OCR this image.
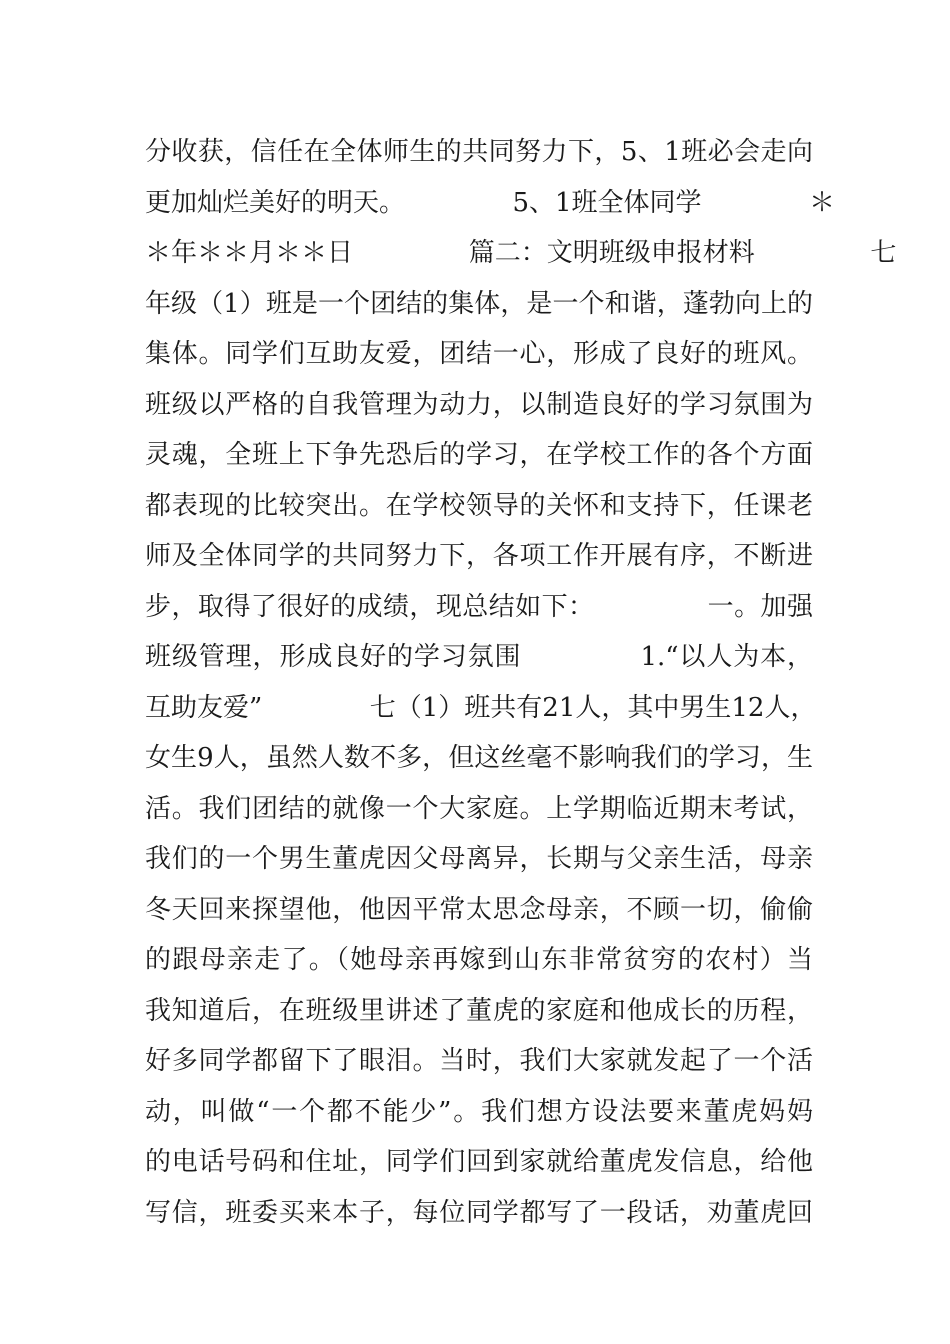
分收获，信任在全体师生的共同努力下，5、1班必会走向
更加灿烂美好的明天。             5、1班全体同学             ＊
＊年＊＊月＊＊日              篇二：文明班级申报材料              七
年级（1）班是一个团结的集体，是一个和谐，蓬勃向上的
集体。同学们互助友爱，团结一心，形成了良好的班风。
班级以严格的自我管理为动力，以制造良好的学习氛围为
灵魂，全班上下争先恐后的学习，在学校工作的各个方面
都表现的比较突出。在学校领导的关怀和支持下，任课老
师及全体同学的共同努力下，各项工作开展有序，不断进
步，取得了很好的成绩，现总结如下：             一。加强
班级管理，形成良好的学习氛围             1.“以人为本，
互助友爱”             七（1）班共有21人，其中男生12人，
女生9人，虽然人数不多，但这丝毫不影响我们的学习，生
活。我们团结的就像一个大家庭。上学期临近期末考试，
我们的一个男生董虎因父母离异，长期与父亲生活，母亲
冬天回来探望他，他因平常太思念母亲，不顾一切，偷偷
的跟母亲走了。（她母亲再嫁到山东非常贫穷的农村）当
我知道后，在班级里讲述了董虎的家庭和他成长的历程，
好多同学都留下了眼泪。当时，我们大家就发起了一个活
动，叫做“一个都不能少”。我们想方设法要来董虎妈妈
的电话号码和住址，同学们回到家就给董虎发信息，给他
写信，班委买来本子，每位同学都写了一段话，劝董虎回
